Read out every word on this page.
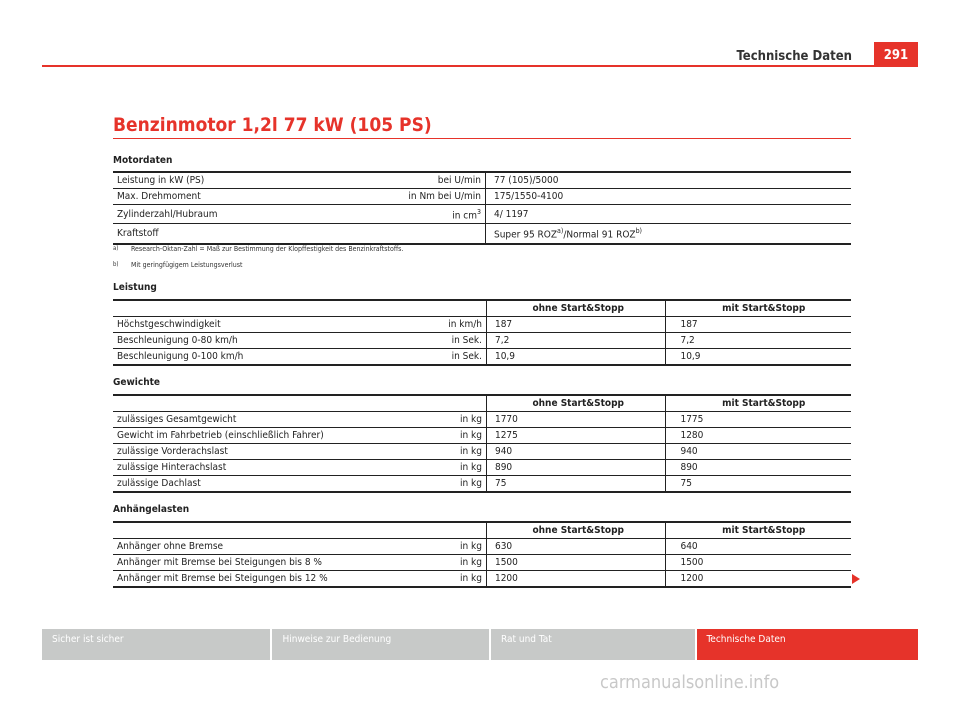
Technische Daten	291
Benzinmotor 1,2l 77 kW (105 PS)
Motordaten
Leistung in kW (PS)	bei U/min	77 (105)/5000
Max. Drehmoment	in Nm bei U/min	175/1550-4100
Zylinderzahl/Hubraum	in $cm^3$	4/ 1197
Kraftstoff		Super 95 ROZ$^{a)}$/Normal 91 ROZ$^{b)}$
a) Research-Oktan-Zahl = Maß zur Bestimmung der Klopffestigkeit des Benzinkraftstoffs.
b) Mit geringfügigem Leistungsverlust
Leistung
		ohne Start&Stopp	mit Start&Stopp
Höchstgeschwindigkeit	in km/h	187	187
Beschleunigung 0-80 km/h	in Sek.	7,2	7,2
Beschleunigung 0-100 km/h	in Sek.	10,9	10,9
Gewichte
		ohne Start&Stopp	mit Start&Stopp
zulässiges Gesamtgewicht	in kg	1770	1775
Gewicht im Fahrbetrieb (einschließlich Fahrer)	in kg	1275	1280
zulässige Vorderachslast	in kg	940	940
zulässige Hinterachslast	in kg	890	890
zulässige Dachlast	in kg	75	75
Anhängelasten
		ohne Start&Stopp	mit Start&Stopp
Anhänger ohne Bremse	in kg	630	640
Anhänger mit Bremse bei Steigungen bis 8 %	in kg	1500	1500
Anhänger mit Bremse bei Steigungen bis 12 %	in kg	1200	1200
Sicher ist sicher	Hinweise zur Bedienung	Rat und Tat	Technische Daten
carmanualsonline.info
